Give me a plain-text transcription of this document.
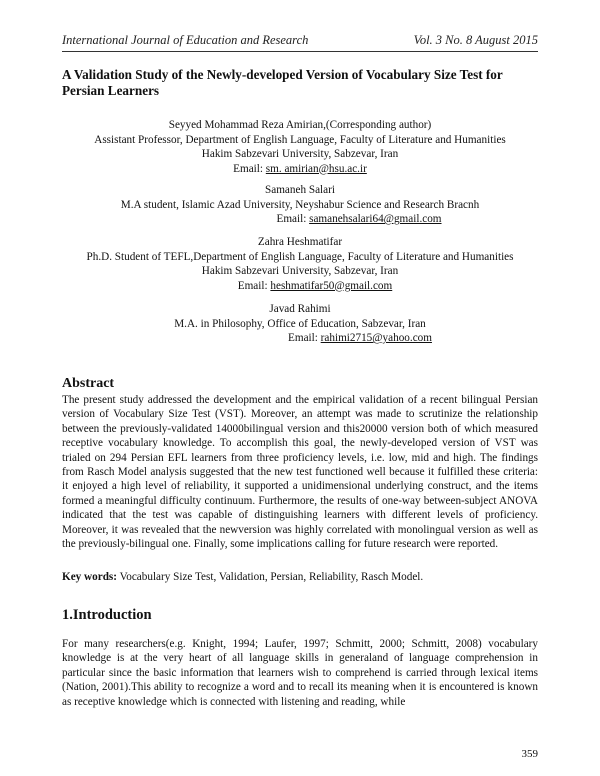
International Journal of Education and Research	Vol. 3 No. 8 August 2015
A Validation Study of the Newly-developed Version of Vocabulary Size Test for Persian Learners
Seyyed Mohammad Reza Amirian,(Corresponding author)
Assistant Professor, Department of English Language, Faculty of Literature and Humanities
Hakim Sabzevari University, Sabzevar, Iran
Email: sm. amirian@hsu.ac.ir
Samaneh Salari
M.A student, Islamic Azad University, Neyshabur Science and Research Bracnh
Email: samanehsalari64@gmail.com
Zahra Heshmatifar
Ph.D. Student of TEFL,Department of English Language, Faculty of Literature and Humanities
Hakim Sabzevari University, Sabzevar, Iran
Email: heshmatifar50@gmail.com
Javad Rahimi
M.A. in Philosophy, Office of Education, Sabzevar, Iran
Email: rahimi2715@yahoo.com
Abstract

The present study addressed the development and the empirical validation of a recent bilingual Persian version of Vocabulary Size Test (VST). Moreover, an attempt was made to scrutinize the relationship between the previously-validated 14000bilingual version and this20000 version both of which measured receptive vocabulary knowledge. To accomplish this goal, the newly-developed version of VST was trialed on 294 Persian EFL learners from three proficiency levels, i.e. low, mid and high. The findings from Rasch Model analysis suggested that the new test functioned well because it fulfilled these criteria: it enjoyed a high level of reliability, it supported a unidimensional underlying construct, and the items formed a meaningful difficulty continuum. Furthermore, the results of one-way between-subject ANOVA indicated that the test was capable of distinguishing learners with different levels of proficiency. Moreover, it was revealed that the newversion was highly correlated with monolingual version as well as the previously-bilingual one. Finally, some implications calling for future research were reported.

Key words: Vocabulary Size Test, Validation, Persian, Reliability, Rasch Model.

1.Introduction

For many researchers(e.g. Knight, 1994; Laufer, 1997; Schmitt, 2000; Schmitt, 2008) vocabulary knowledge is at the very heart of all language skills in generaland of language comprehension in particular since the basic information that learners wish to comprehend is carried through lexical items (Nation, 2001).This ability to recognize a word and to recall its meaning when it is encountered is known as receptive knowledge which is connected with listening and reading, while

359
